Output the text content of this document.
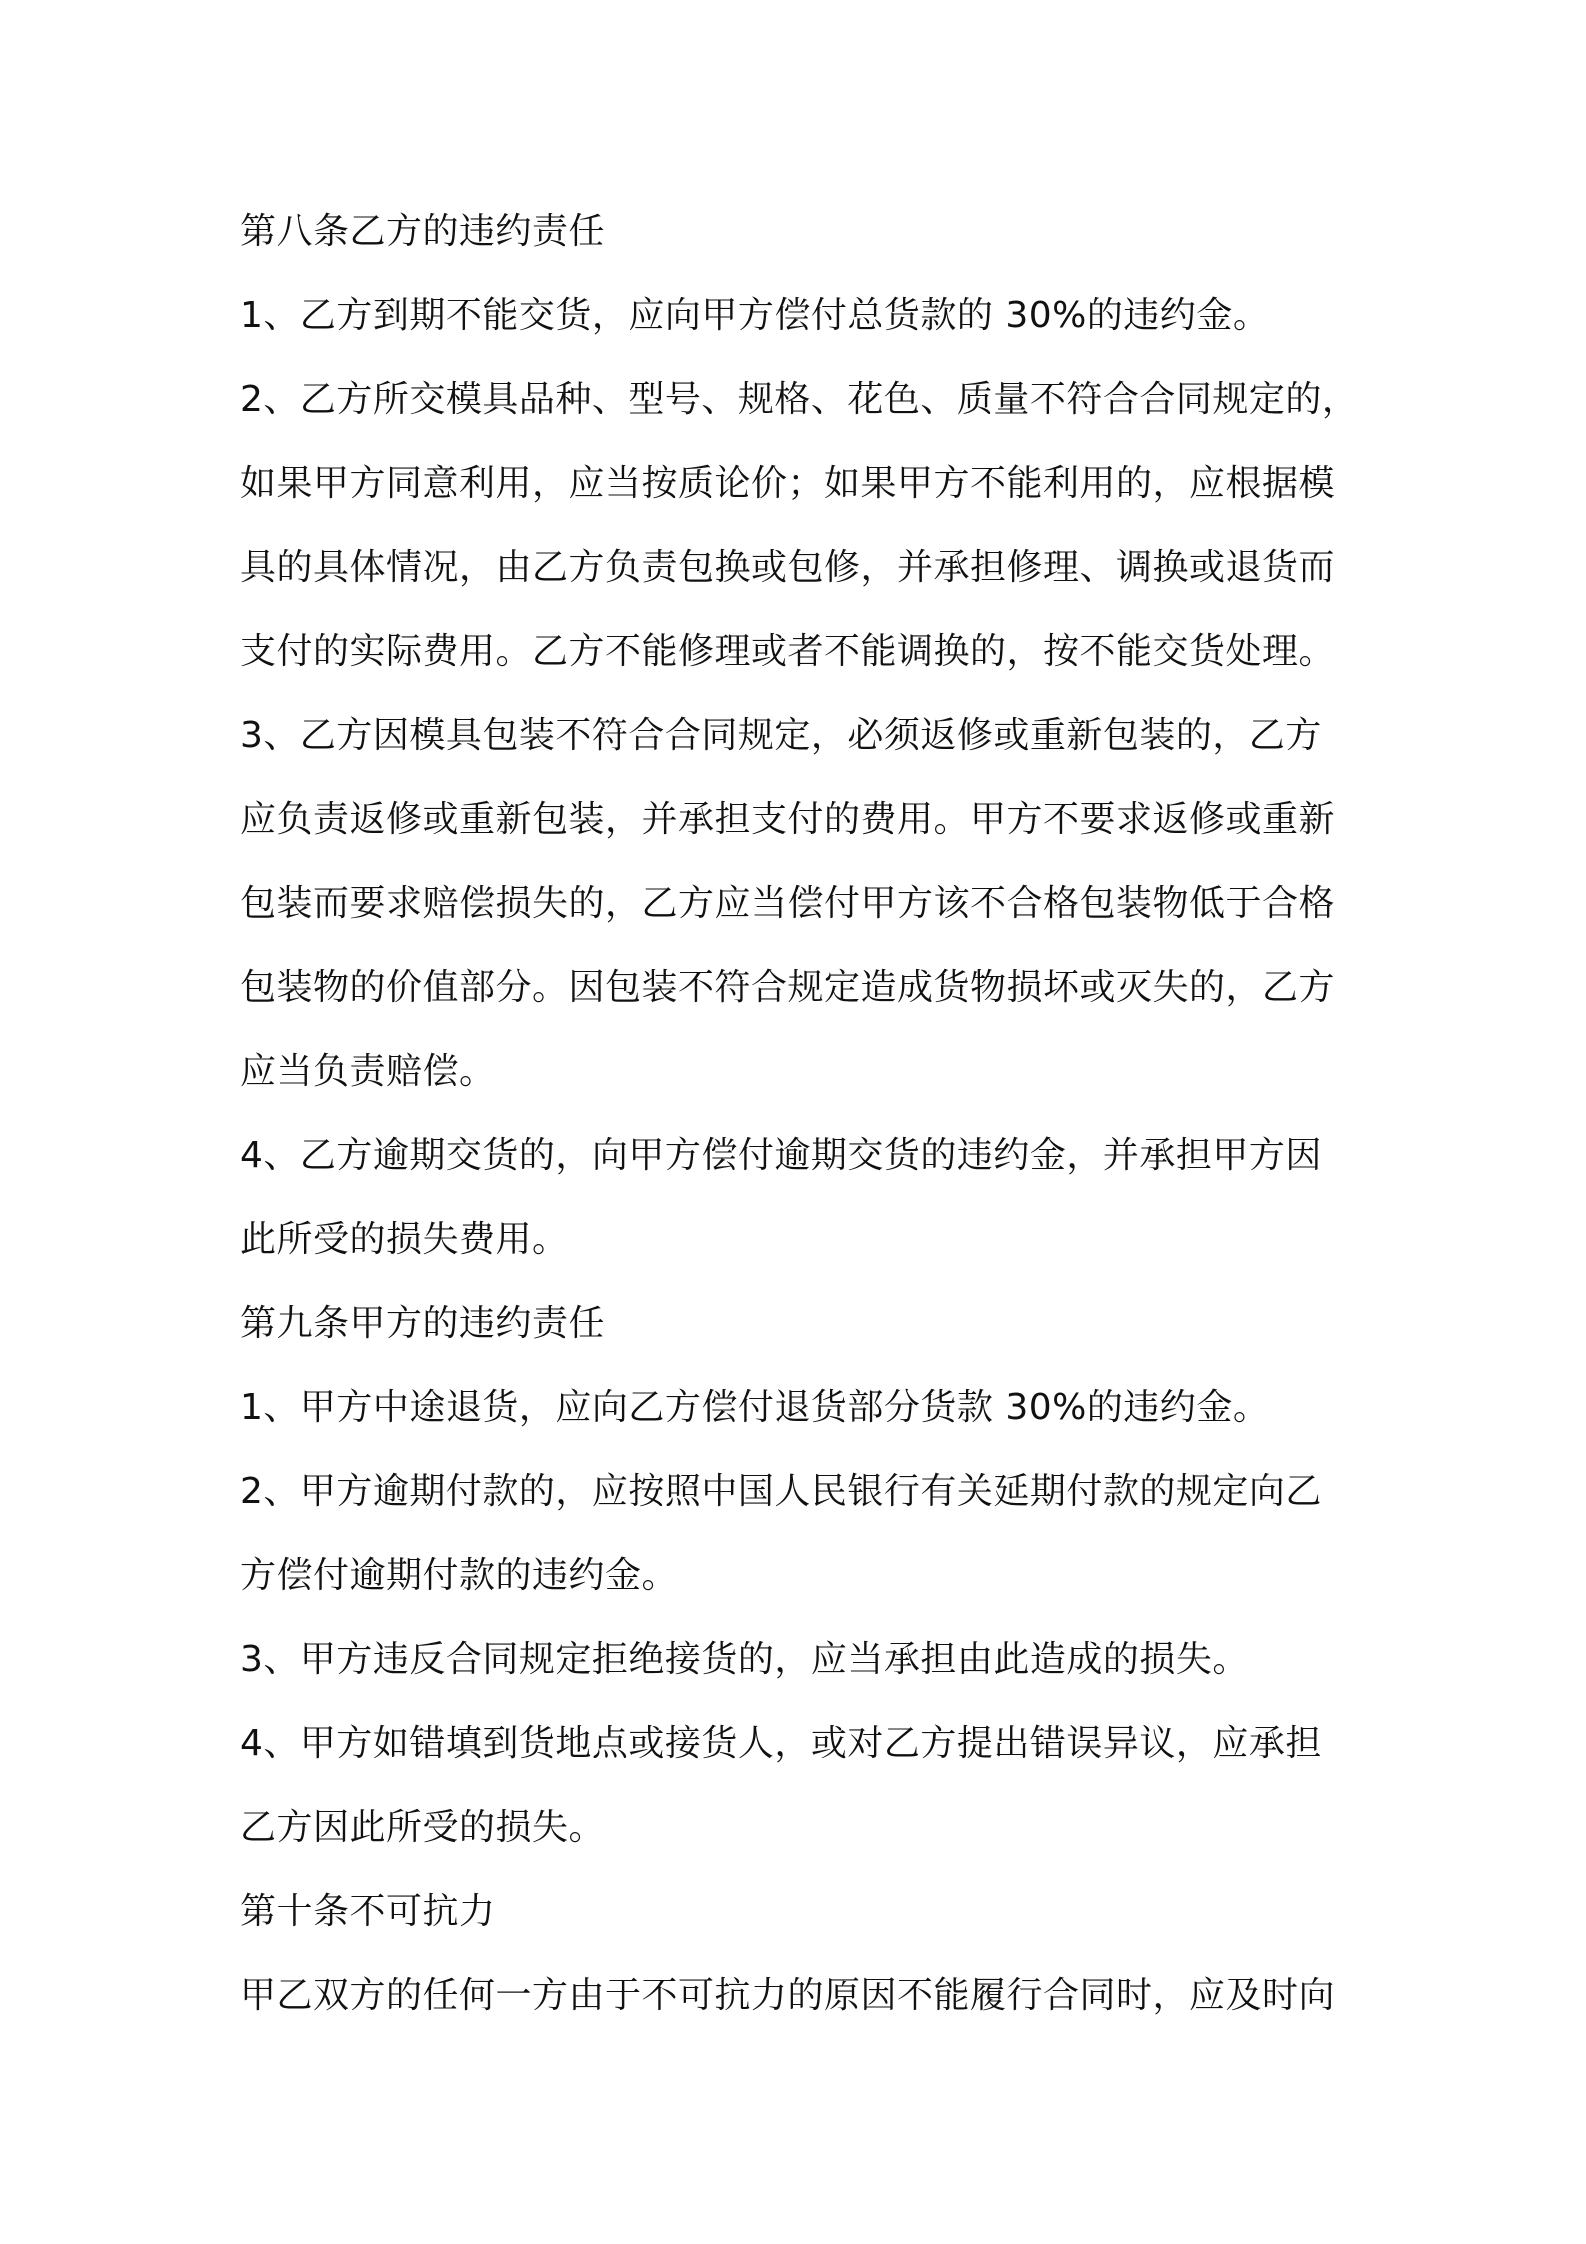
第八条乙方的违约责任
1、乙方到期不能交货，应向甲方偿付总货款的 30%的违约金。
2、乙方所交模具品种、型号、规格、花色、质量不符合合同规定的，
如果甲方同意利用，应当按质论价；如果甲方不能利用的，应根据模
具的具体情况，由乙方负责包换或包修，并承担修理、调换或退货而
支付的实际费用。乙方不能修理或者不能调换的，按不能交货处理。
3、乙方因模具包装不符合合同规定，必须返修或重新包装的，乙方
应负责返修或重新包装，并承担支付的费用。甲方不要求返修或重新
包装而要求赔偿损失的，乙方应当偿付甲方该不合格包装物低于合格
包装物的价值部分。因包装不符合规定造成货物损坏或灭失的，乙方
应当负责赔偿。
4、乙方逾期交货的，向甲方偿付逾期交货的违约金，并承担甲方因
此所受的损失费用。
第九条甲方的违约责任
1、甲方中途退货，应向乙方偿付退货部分货款 30%的违约金。
2、甲方逾期付款的，应按照中国人民银行有关延期付款的规定向乙
方偿付逾期付款的违约金。
3、甲方违反合同规定拒绝接货的，应当承担由此造成的损失。
4、甲方如错填到货地点或接货人，或对乙方提出错误异议，应承担
乙方因此所受的损失。
第十条不可抗力
甲乙双方的任何一方由于不可抗力的原因不能履行合同时，应及时向
